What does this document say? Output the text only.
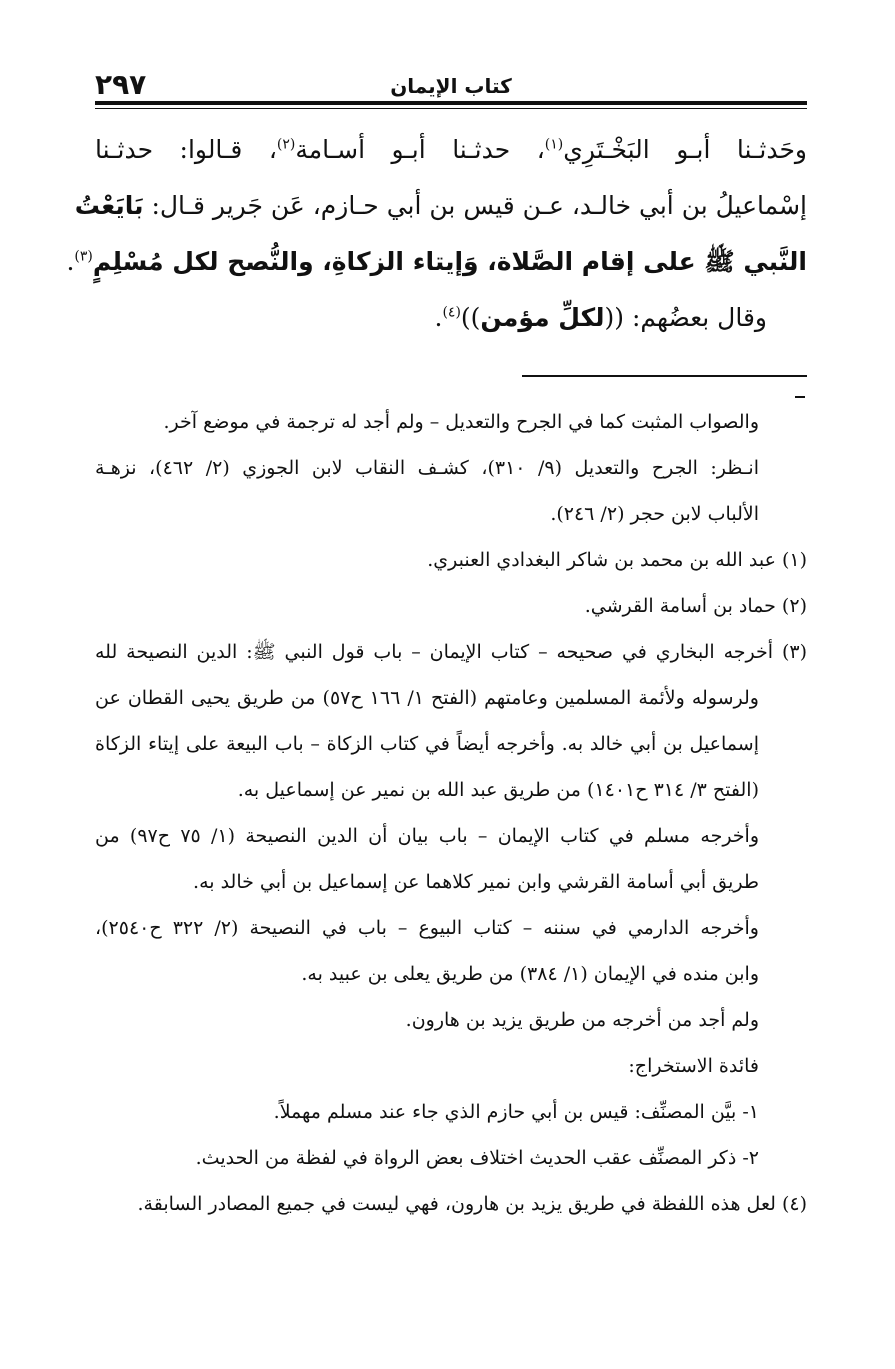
٢٩٧	كتاب الإيمان
وحَدثـنا أبـو البَخْـتَرِي$^{(١)}$، حدثـنا أبـو أسـامة$^{(٢)}$، قـالوا: حدثـنا
إسْماعيلُ بن أبي خالـد، عـن قيس بن أبي حـازم، عَن جَرير قـال: بَايَعْتُ
النَّبي ﷺ على إقام الصَّلاة، وَإيتاء الزكاةِ، والنُّصح لكل مُسْلِمٍ$^{(٣)}$.
وقال بعضُهم: ((لكلِّ مؤمن))$^{(٤)}$.
والصواب المثبت كما في الجرح والتعديل – ولم أجد له ترجمة في موضع آخر.
انـظر: الجرح والتعديل (٩/ ٣١٠)، كشـف النقاب لابن الجوزي (٢/ ٤٦٢)، نزهـة
الألباب لابن حجر (٢/ ٢٤٦).
(١) عبد الله بن محمد بن شاكر البغدادي العنبري.
(٢) حماد بن أسامة القرشي.
(٣) أخرجه البخاري في صحيحه – كتاب الإيمان – باب قول النبي ﷺ: الدين النصيحة لله
ولرسوله ولأئمة المسلمين وعامتهم (الفتح ١/ ١٦٦ ح٥٧) من طريق يحيى القطان عن
إسماعيل بن أبي خالد به. وأخرجه أيضاً في كتاب الزكاة – باب البيعة على إيتاء الزكاة
(الفتح ٣/ ٣١٤ ح١٤٠١) من طريق عبد الله بن نمير عن إسماعيل به.
وأخرجه مسلم في كتاب الإيمان – باب بيان أن الدين النصيحة (١/ ٧٥ ح٩٧) من
طريق أبي أسامة القرشي وابن نمير كلاهما عن إسماعيل بن أبي خالد به.
وأخرجه الدارمي في سننه – كتاب البيوع – باب في النصيحة (٢/ ٣٢٢ ح٢٥٤٠)،
وابن منده في الإيمان (١/ ٣٨٤) من طريق يعلى بن عبيد به.
ولم أجد من أخرجه من طريق يزيد بن هارون.
فائدة الاستخراج:
١- بيَّن المصنِّف: قيس بن أبي حازم الذي جاء عند مسلم مهملاً.
٢- ذكر المصنِّف عقب الحديث اختلاف بعض الرواة في لفظة من الحديث.
(٤) لعل هذه اللفظة في طريق يزيد بن هارون، فهي ليست في جميع المصادر السابقة.
